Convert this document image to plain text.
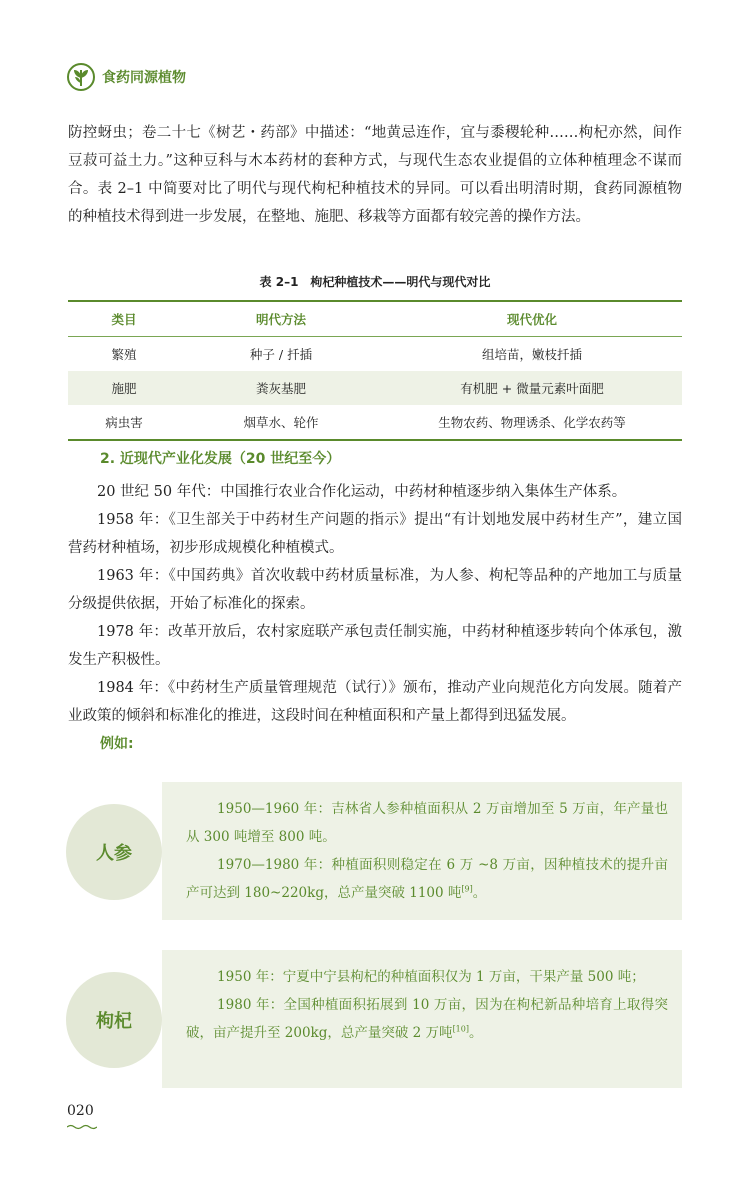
食药同源植物
防控蚜虫；卷二十七《树艺・药部》中描述：“地黄忌连作，宜与黍稷轮种……枸杞亦然，间作豆菽可益土力。”这种豆科与木本药材的套种方式，与现代生态农业提倡的立体种植理念不谋而合。表 2–1 中简要对比了明代与现代枸杞种植技术的异同。可以看出明清时期，食药同源植物的种植技术得到进一步发展，在整地、施肥、移栽等方面都有较完善的操作方法。
表 2–1　枸杞种植技术——明代与现代对比
类目	明代方法	现代优化
繁殖	种子 / 扦插	组培苗，嫩枝扦插
施肥	粪灰基肥	有机肥 + 微量元素叶面肥
病虫害	烟草水、轮作	生物农药、物理诱杀、化学农药等
2. 近现代产业化发展（20 世纪至今）

20 世纪 50 年代：中国推行农业合作化运动，中药材种植逐步纳入集体生产体系。

1958 年：《卫生部关于中药材生产问题的指示》提出“有计划地发展中药材生产”，建立国营药材种植场，初步形成规模化种植模式。

1963 年：《中国药典》首次收载中药材质量标准，为人参、枸杞等品种的产地加工与质量分级提供依据，开始了标准化的探索。

1978 年：改革开放后，农村家庭联产承包责任制实施，中药材种植逐步转向个体承包，激发生产积极性。

1984 年：《中药材生产质量管理规范（试行）》颁布，推动产业向规范化方向发展。随着产业政策的倾斜和标准化的推进，这段时间在种植面积和产量上都得到迅猛发展。

例如:
人参

1950—1960 年：吉林省人参种植面积从 2 万亩增加至 5 万亩，年产量也从 300 吨增至 800 吨。

1970—1980 年：种植面积则稳定在 6 万 ~8 万亩，因种植技术的提升亩产可达到 180~220kg，总产量突破 1100 吨[9]。

枸杞

1950 年：宁夏中宁县枸杞的种植面积仅为 1 万亩，干果产量 500 吨；

1980 年：全国种植面积拓展到 10 万亩，因为在枸杞新品种培育上取得突破，亩产提升至 200kg，总产量突破 2 万吨[10]。

020
